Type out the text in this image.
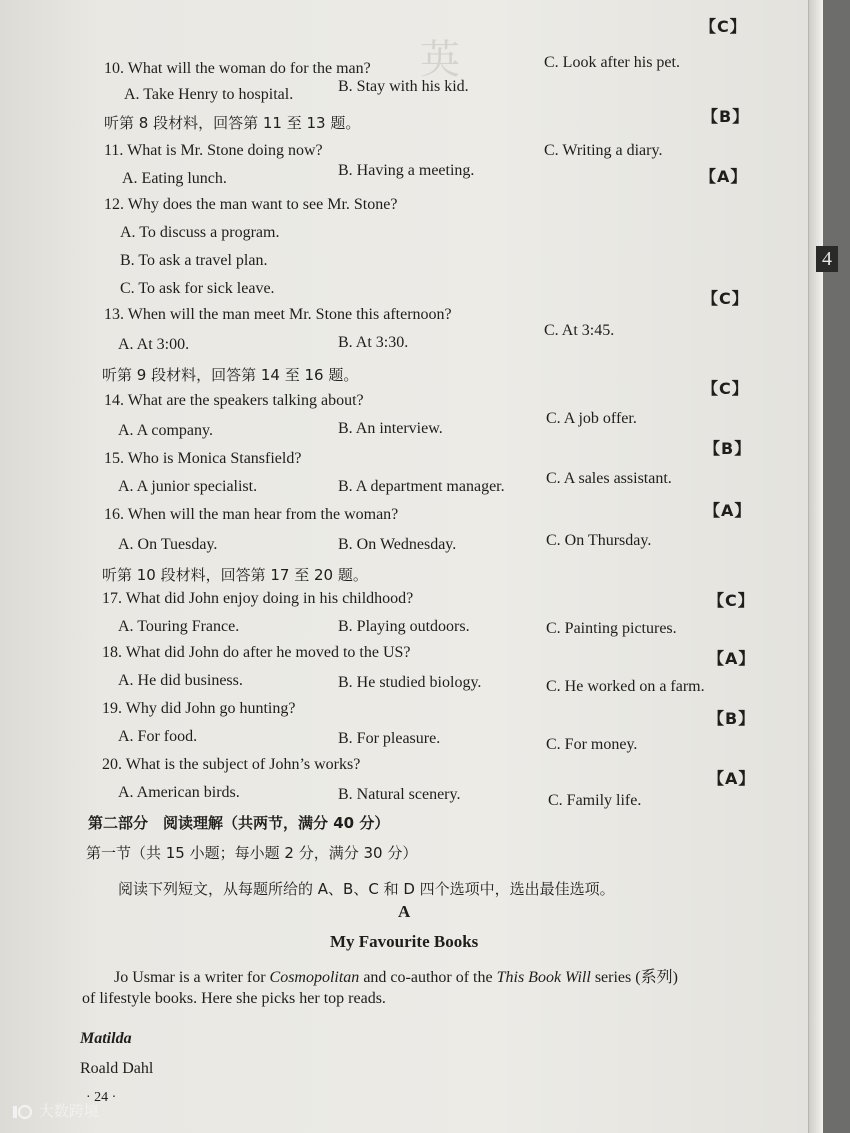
英
【C】
10. What will the woman do for the man?
A. Take Henry to hospital.	B. Stay with his kid.
C. Look after his pet.
听第 8 段材料，回答第 11 至 13 题。	【B】
11. What is Mr. Stone doing now?
A. Eating lunch.	B. Having a meeting.
C. Writing a diary.
【A】
12. Why does the man want to see Mr. Stone?
A. To discuss a program.
B. To ask a travel plan.
C. To ask for sick leave.
【C】
13. When will the man meet Mr. Stone this afternoon?
A. At 3:00.	B. At 3:30.
C. At 3:45.
听第 9 段材料，回答第 14 至 16 题。
【C】
14. What are the speakers talking about?
A. A company.	B. An interview.
C. A job offer.
【B】
15. Who is Monica Stansfield?
A. A junior specialist.	B. A department manager.	C. A sales assistant.
【A】
16. When will the man hear from the woman?
A. On Tuesday.	B. On Wednesday.	C. On Thursday.
听第 10 段材料，回答第 17 至 20 题。
17. What did John enjoy doing in his childhood?
A. Touring France.	B. Playing outdoors.	C. Painting pictures.
【C】
18. What did John do after he moved to the US?
A. He did business.	B. He studied biology.	C. He worked on a farm.
【A】
19. Why did John go hunting?
A. For food.	B. For pleasure.	C. For money.
【B】
20. What is the subject of John’s works?
A. American birds.	B. Natural scenery.	C. Family life.
【A】
第二部分　阅读理解（共两节，满分 40 分）
第一节（共 15 小题；每小题 2 分，满分 30 分）
阅读下列短文，从每题所给的 A、B、C 和 D 四个选项中，选出最佳选项。
A
My Favourite Books
Jo Usmar is a writer for Cosmopolitan and co-author of the This Book Will series (系列)
of lifestyle books. Here she picks her top reads.
Matilda
Roald Dahl
· 24 ·
4
大数跨境
